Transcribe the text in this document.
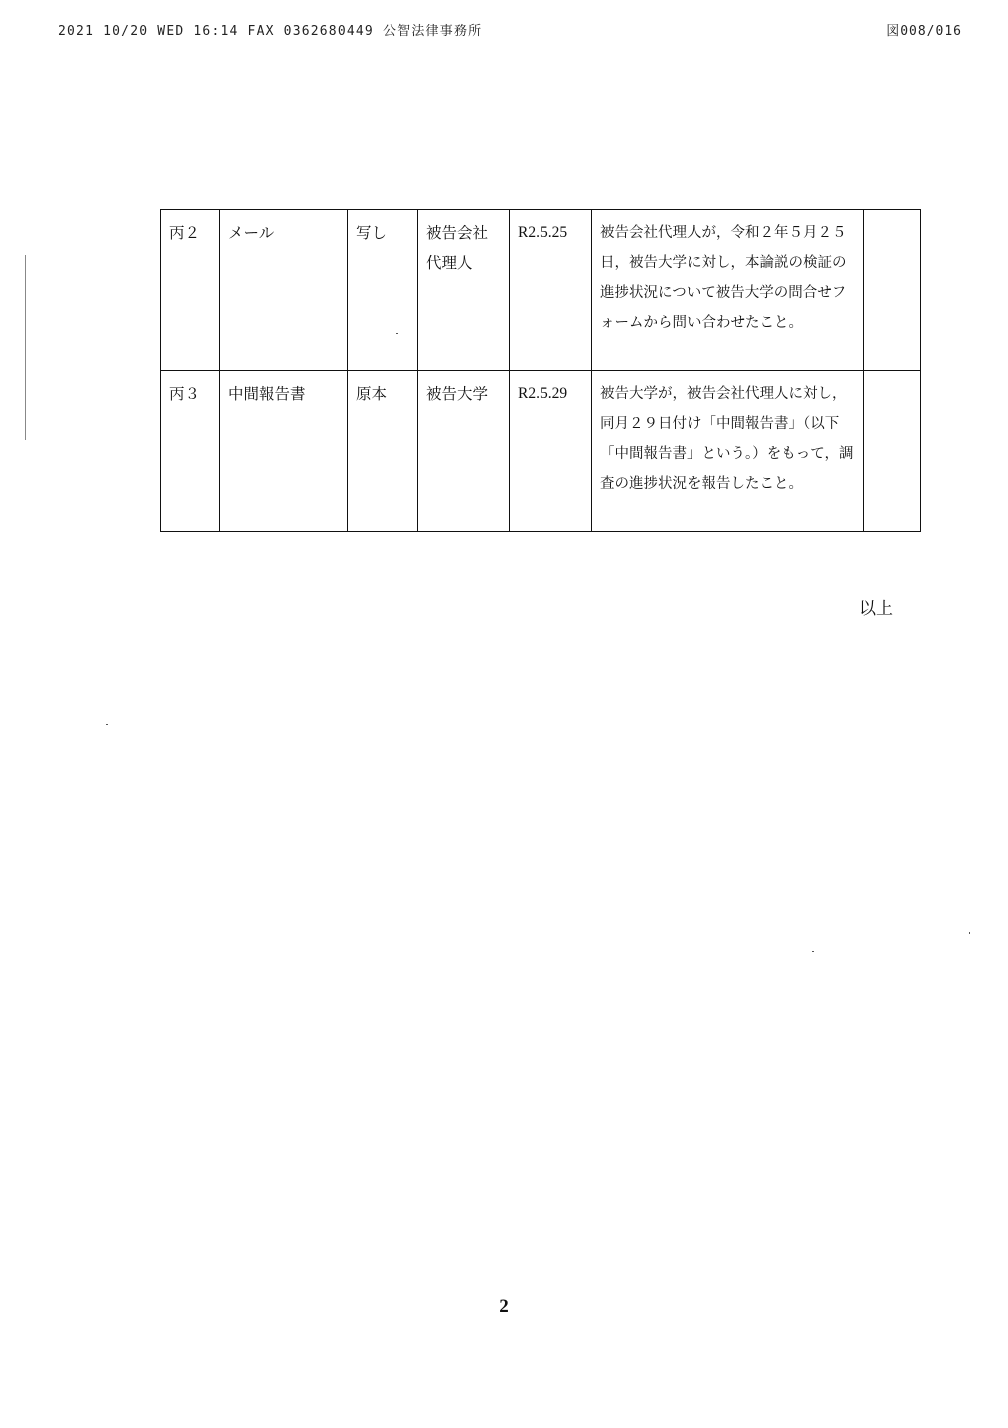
2021 10/20 WED 16:14 FAX 0362680449 公智法律事務所	図008/016
丙２	メール	写し	被告会社代理人	R2.5.25	被告会社代理人が，令和２年５月２５日，被告大学に対し，本論説の検証の進捗状況について被告大学の問合せフォームから問い合わせたこと。	
丙３	中間報告書	原本	被告大学	R2.5.29	被告大学が，被告会社代理人に対し，同月２９日付け「中間報告書」（以下「中間報告書」という。）をもって，調査の進捗状況を報告したこと。	
以上
2
